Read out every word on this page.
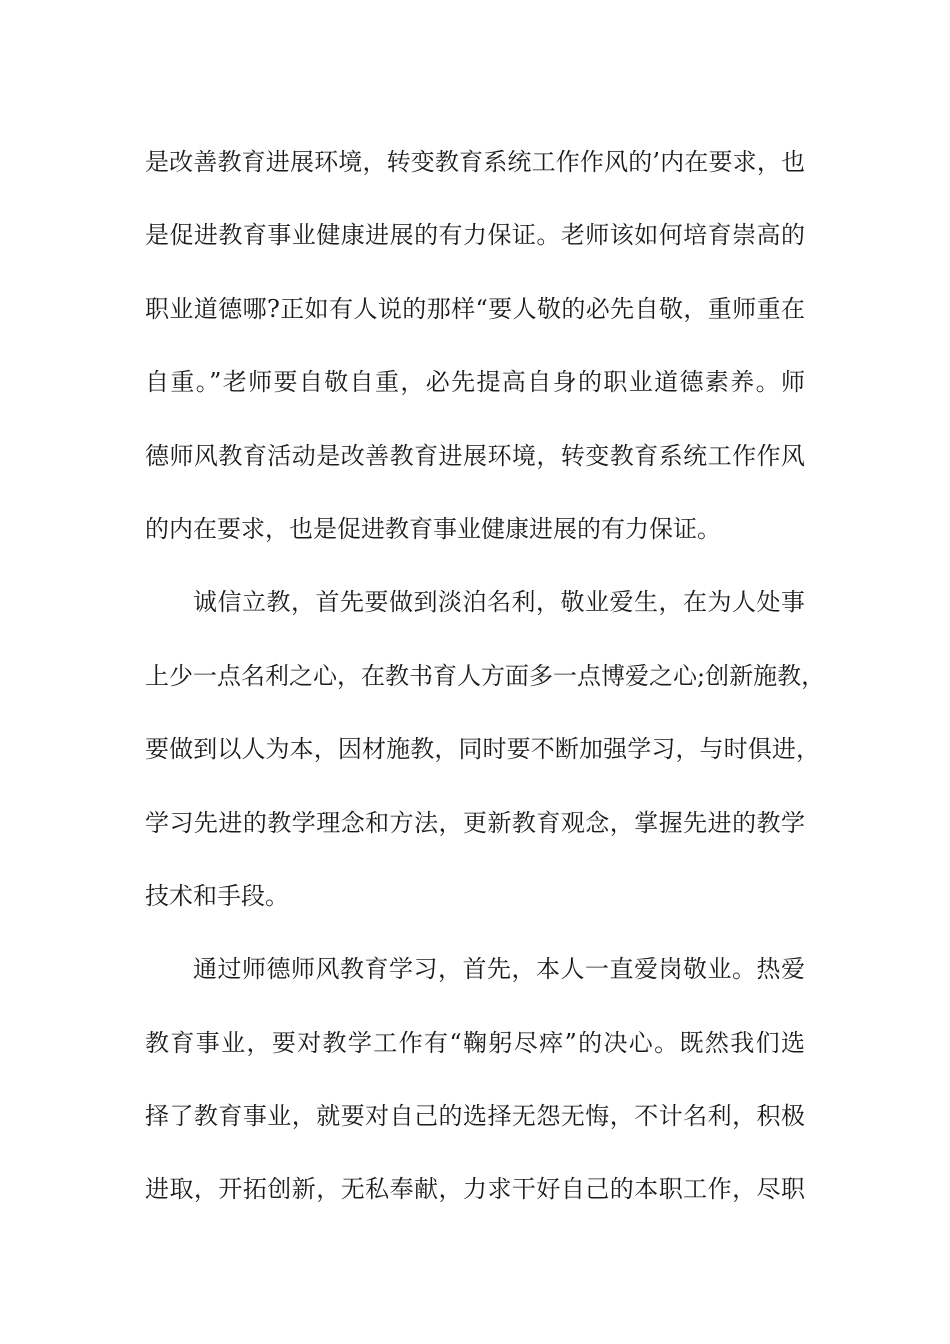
是改善教育进展环境，转变教育系统工作作风的’内在要求，也
是促进教育事业健康进展的有力保证。老师该如何培育崇高的
职业道德哪?正如有人说的那样“要人敬的必先自敬，重师重在
自重。”老师要自敬自重，必先提高自身的职业道德素养。师
德师风教育活动是改善教育进展环境，转变教育系统工作作风
的内在要求，也是促进教育事业健康进展的有力保证。
诚信立教，首先要做到淡泊名利，敬业爱生，在为人处事
上少一点名利之心，在教书育人方面多一点博爱之心;创新施教，
要做到以人为本，因材施教，同时要不断加强学习，与时俱进，
学习先进的教学理念和方法，更新教育观念，掌握先进的教学
技术和手段。
通过师德师风教育学习，首先，本人一直爱岗敬业。热爱
教育事业，要对教学工作有“鞠躬尽瘁”的决心。既然我们选
择了教育事业，就要对自己的选择无怨无悔，不计名利，积极
进取，开拓创新，无私奉献，力求干好自己的本职工作，尽职
